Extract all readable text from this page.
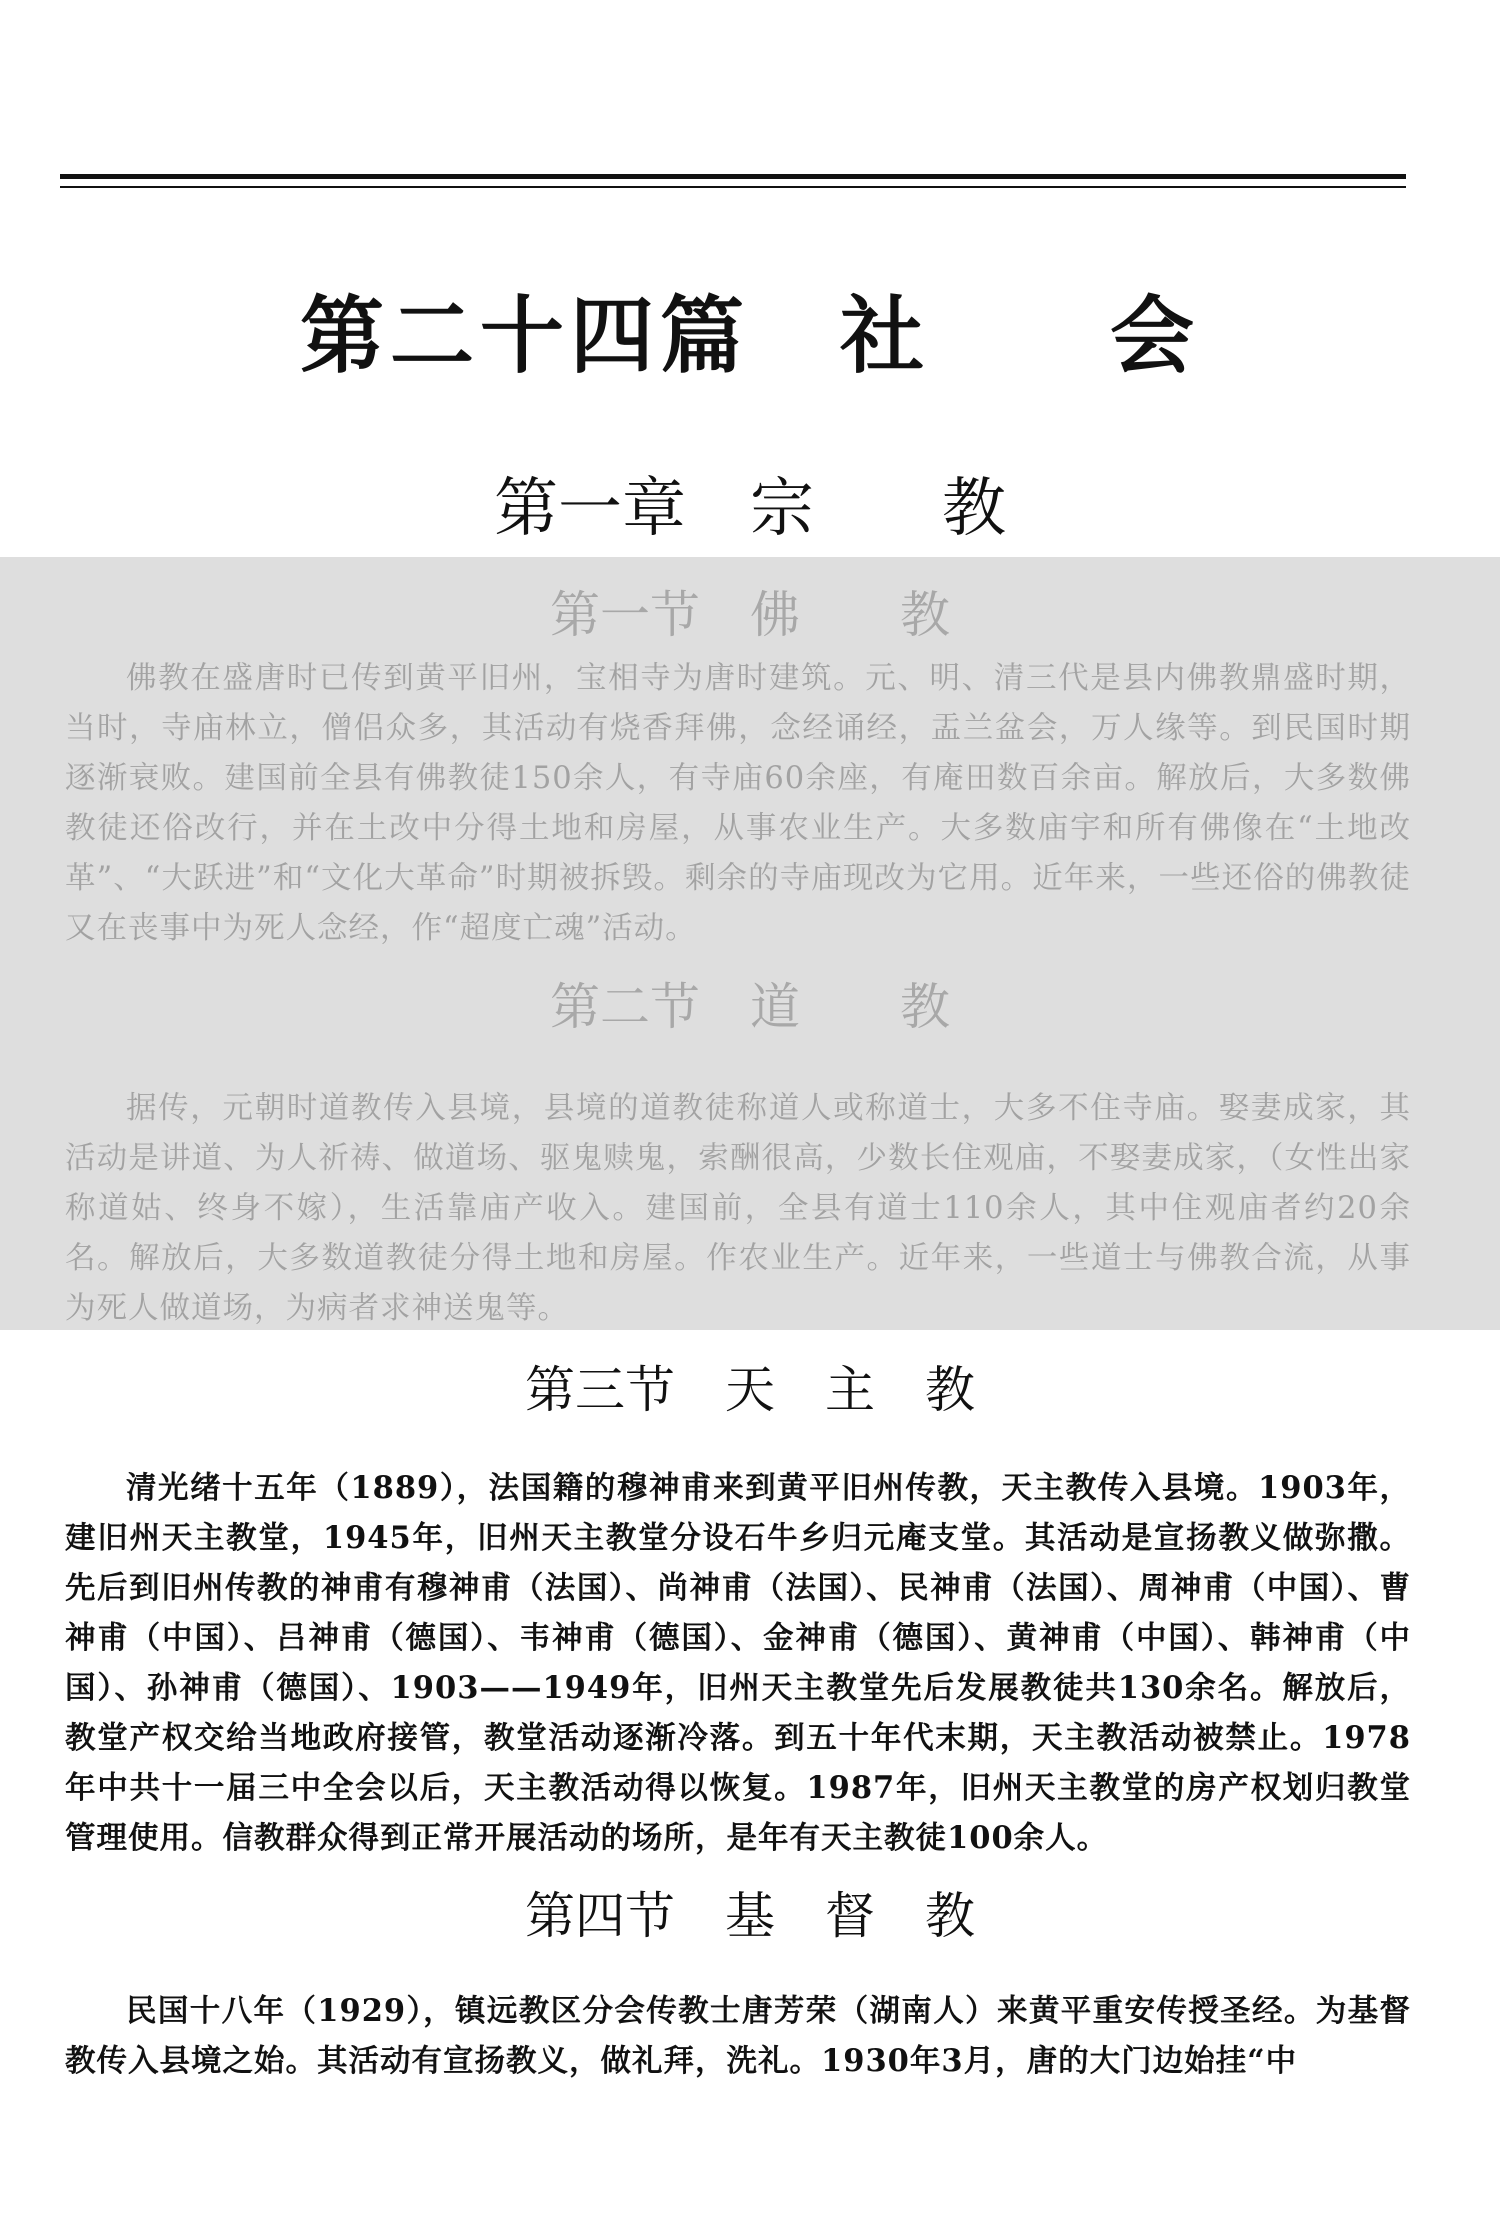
第二十四篇　社　　会
第一章　宗　　教
第一节　佛　　教
佛教在盛唐时已传到黄平旧州，宝相寺为唐时建筑。元、明、清三代是县内佛教鼎盛时期，当时，寺庙林立，僧侣众多，其活动有烧香拜佛，念经诵经，盂兰盆会，万人缘等。到民国时期逐渐衰败。建国前全县有佛教徒150余人，有寺庙60余座，有庵田数百余亩。解放后，大多数佛教徒还俗改行，并在土改中分得土地和房屋，从事农业生产。大多数庙宇和所有佛像在“土地改革”、“大跃进”和“文化大革命”时期被拆毁。剩余的寺庙现改为它用。近年来，一些还俗的佛教徒又在丧事中为死人念经，作“超度亡魂”活动。
第二节　道　　教
据传，元朝时道教传入县境，县境的道教徒称道人或称道士，大多不住寺庙。娶妻成家，其活动是讲道、为人祈祷、做道场、驱鬼赎鬼，索酬很高，少数长住观庙，不娶妻成家，（女性出家称道姑、终身不嫁），生活靠庙产收入。建国前，全县有道士110余人，其中住观庙者约20余名。解放后，大多数道教徒分得土地和房屋。作农业生产。近年来，一些道士与佛教合流，从事为死人做道场，为病者求神送鬼等。
第三节　天　主　教
清光绪十五年（1889），法国籍的穆神甫来到黄平旧州传教，天主教传入县境。1903年，建旧州天主教堂，1945年，旧州天主教堂分设石牛乡归元庵支堂。其活动是宣扬教义做弥撒。先后到旧州传教的神甫有穆神甫（法国）、尚神甫（法国）、民神甫（法国）、周神甫（中国）、曹神甫（中国）、吕神甫（德国）、韦神甫（德国）、金神甫（德国）、黄神甫（中国）、韩神甫（中国）、孙神甫（德国）、1903——1949年，旧州天主教堂先后发展教徒共130余名。解放后，教堂产权交给当地政府接管，教堂活动逐渐冷落。到五十年代末期，天主教活动被禁止。1978年中共十一届三中全会以后，天主教活动得以恢复。1987年，旧州天主教堂的房产权划归教堂管理使用。信教群众得到正常开展活动的场所，是年有天主教徒100余人。
第四节　基　督　教
民国十八年（1929），镇远教区分会传教士唐芳荣（湖南人）来黄平重安传授圣经。为基督教传入县境之始。其活动有宣扬教义，做礼拜，洗礼。1930年3月，唐的大门边始挂“中
